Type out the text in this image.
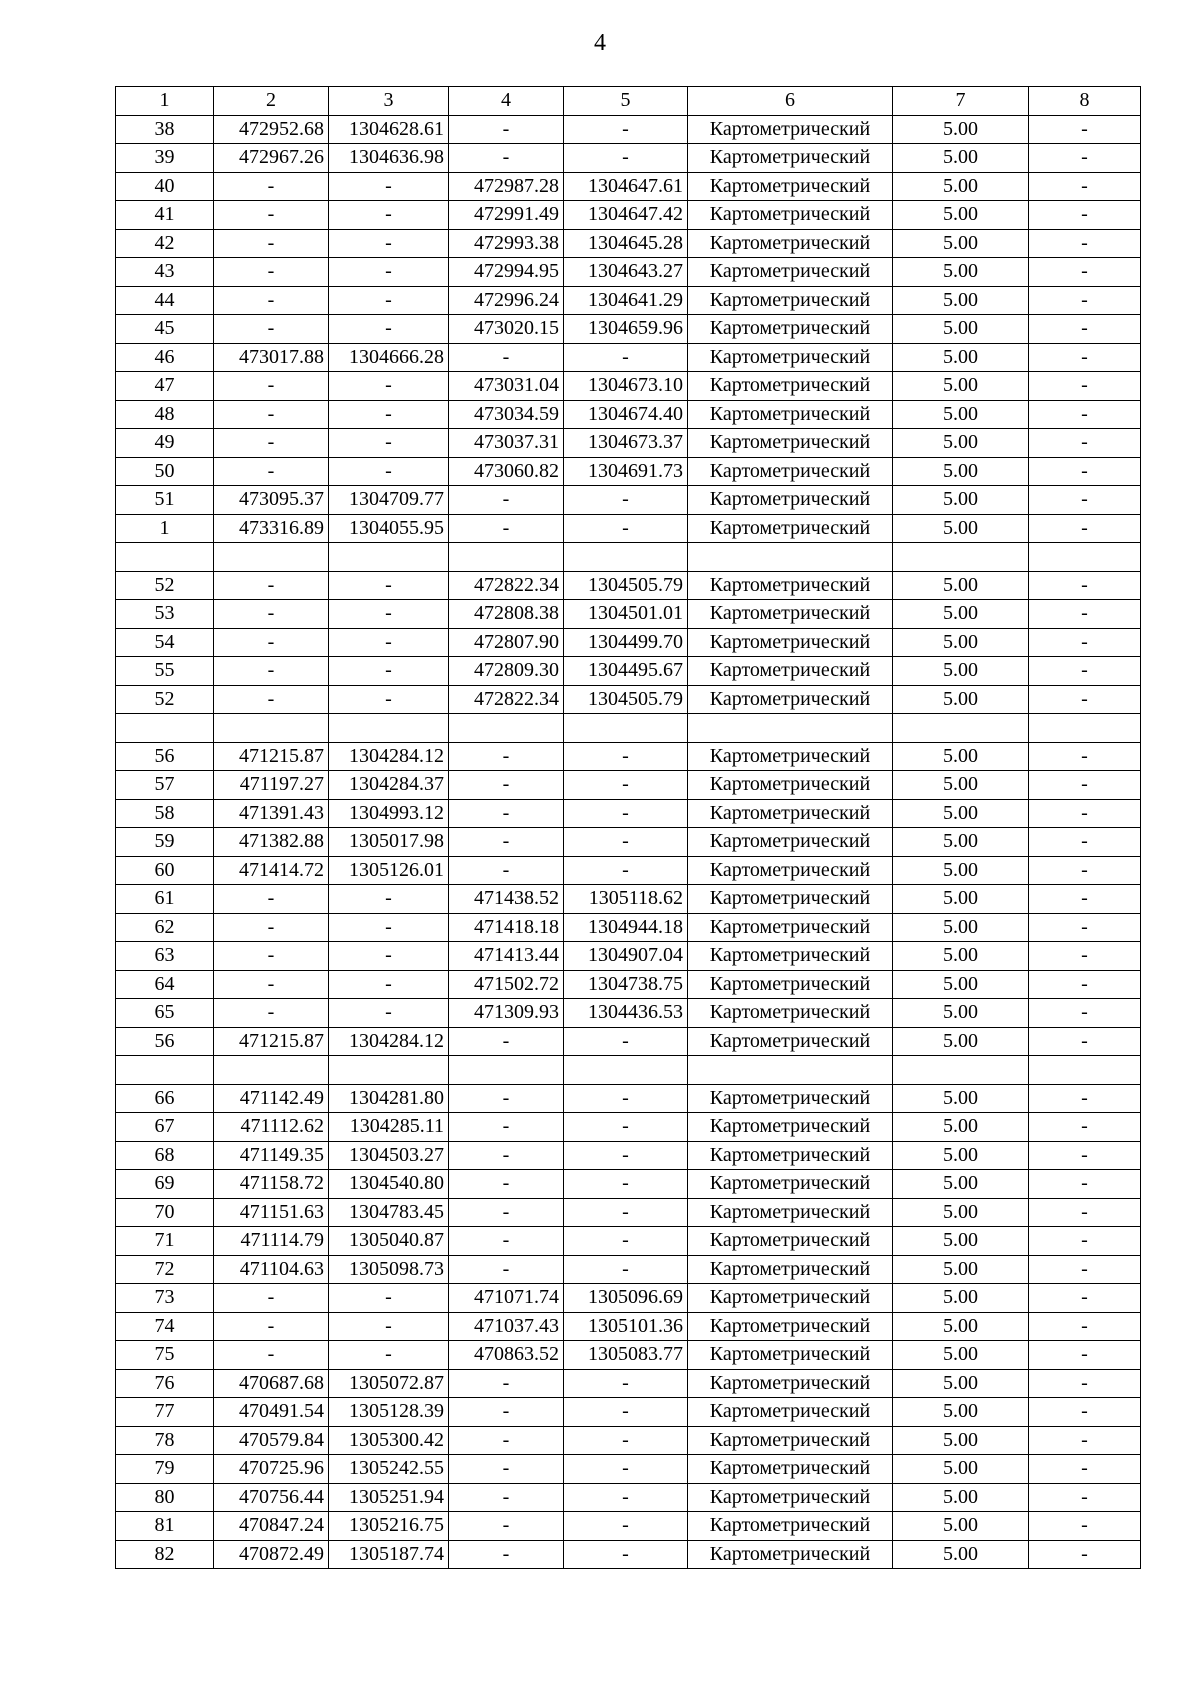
4
1	2	3	4	5	6	7	8
38	472952.68	1304628.61	-	-	Картометрический	5.00	-
39	472967.26	1304636.98	-	-	Картометрический	5.00	-
40	-	-	472987.28	1304647.61	Картометрический	5.00	-
41	-	-	472991.49	1304647.42	Картометрический	5.00	-
42	-	-	472993.38	1304645.28	Картометрический	5.00	-
43	-	-	472994.95	1304643.27	Картометрический	5.00	-
44	-	-	472996.24	1304641.29	Картометрический	5.00	-
45	-	-	473020.15	1304659.96	Картометрический	5.00	-
46	473017.88	1304666.28	-	-	Картометрический	5.00	-
47	-	-	473031.04	1304673.10	Картометрический	5.00	-
48	-	-	473034.59	1304674.40	Картометрический	5.00	-
49	-	-	473037.31	1304673.37	Картометрический	5.00	-
50	-	-	473060.82	1304691.73	Картометрический	5.00	-
51	473095.37	1304709.77	-	-	Картометрический	5.00	-
1	473316.89	1304055.95	-	-	Картометрический	5.00	-

52	-	-	472822.34	1304505.79	Картометрический	5.00	-
53	-	-	472808.38	1304501.01	Картометрический	5.00	-
54	-	-	472807.90	1304499.70	Картометрический	5.00	-
55	-	-	472809.30	1304495.67	Картометрический	5.00	-
52	-	-	472822.34	1304505.79	Картометрический	5.00	-

56	471215.87	1304284.12	-	-	Картометрический	5.00	-
57	471197.27	1304284.37	-	-	Картометрический	5.00	-
58	471391.43	1304993.12	-	-	Картометрический	5.00	-
59	471382.88	1305017.98	-	-	Картометрический	5.00	-
60	471414.72	1305126.01	-	-	Картометрический	5.00	-
61	-	-	471438.52	1305118.62	Картометрический	5.00	-
62	-	-	471418.18	1304944.18	Картометрический	5.00	-
63	-	-	471413.44	1304907.04	Картометрический	5.00	-
64	-	-	471502.72	1304738.75	Картометрический	5.00	-
65	-	-	471309.93	1304436.53	Картометрический	5.00	-
56	471215.87	1304284.12	-	-	Картометрический	5.00	-

66	471142.49	1304281.80	-	-	Картометрический	5.00	-
67	471112.62	1304285.11	-	-	Картометрический	5.00	-
68	471149.35	1304503.27	-	-	Картометрический	5.00	-
69	471158.72	1304540.80	-	-	Картометрический	5.00	-
70	471151.63	1304783.45	-	-	Картометрический	5.00	-
71	471114.79	1305040.87	-	-	Картометрический	5.00	-
72	471104.63	1305098.73	-	-	Картометрический	5.00	-
73	-	-	471071.74	1305096.69	Картометрический	5.00	-
74	-	-	471037.43	1305101.36	Картометрический	5.00	-
75	-	-	470863.52	1305083.77	Картометрический	5.00	-
76	470687.68	1305072.87	-	-	Картометрический	5.00	-
77	470491.54	1305128.39	-	-	Картометрический	5.00	-
78	470579.84	1305300.42	-	-	Картометрический	5.00	-
79	470725.96	1305242.55	-	-	Картометрический	5.00	-
80	470756.44	1305251.94	-	-	Картометрический	5.00	-
81	470847.24	1305216.75	-	-	Картометрический	5.00	-
82	470872.49	1305187.74	-	-	Картометрический	5.00	-
